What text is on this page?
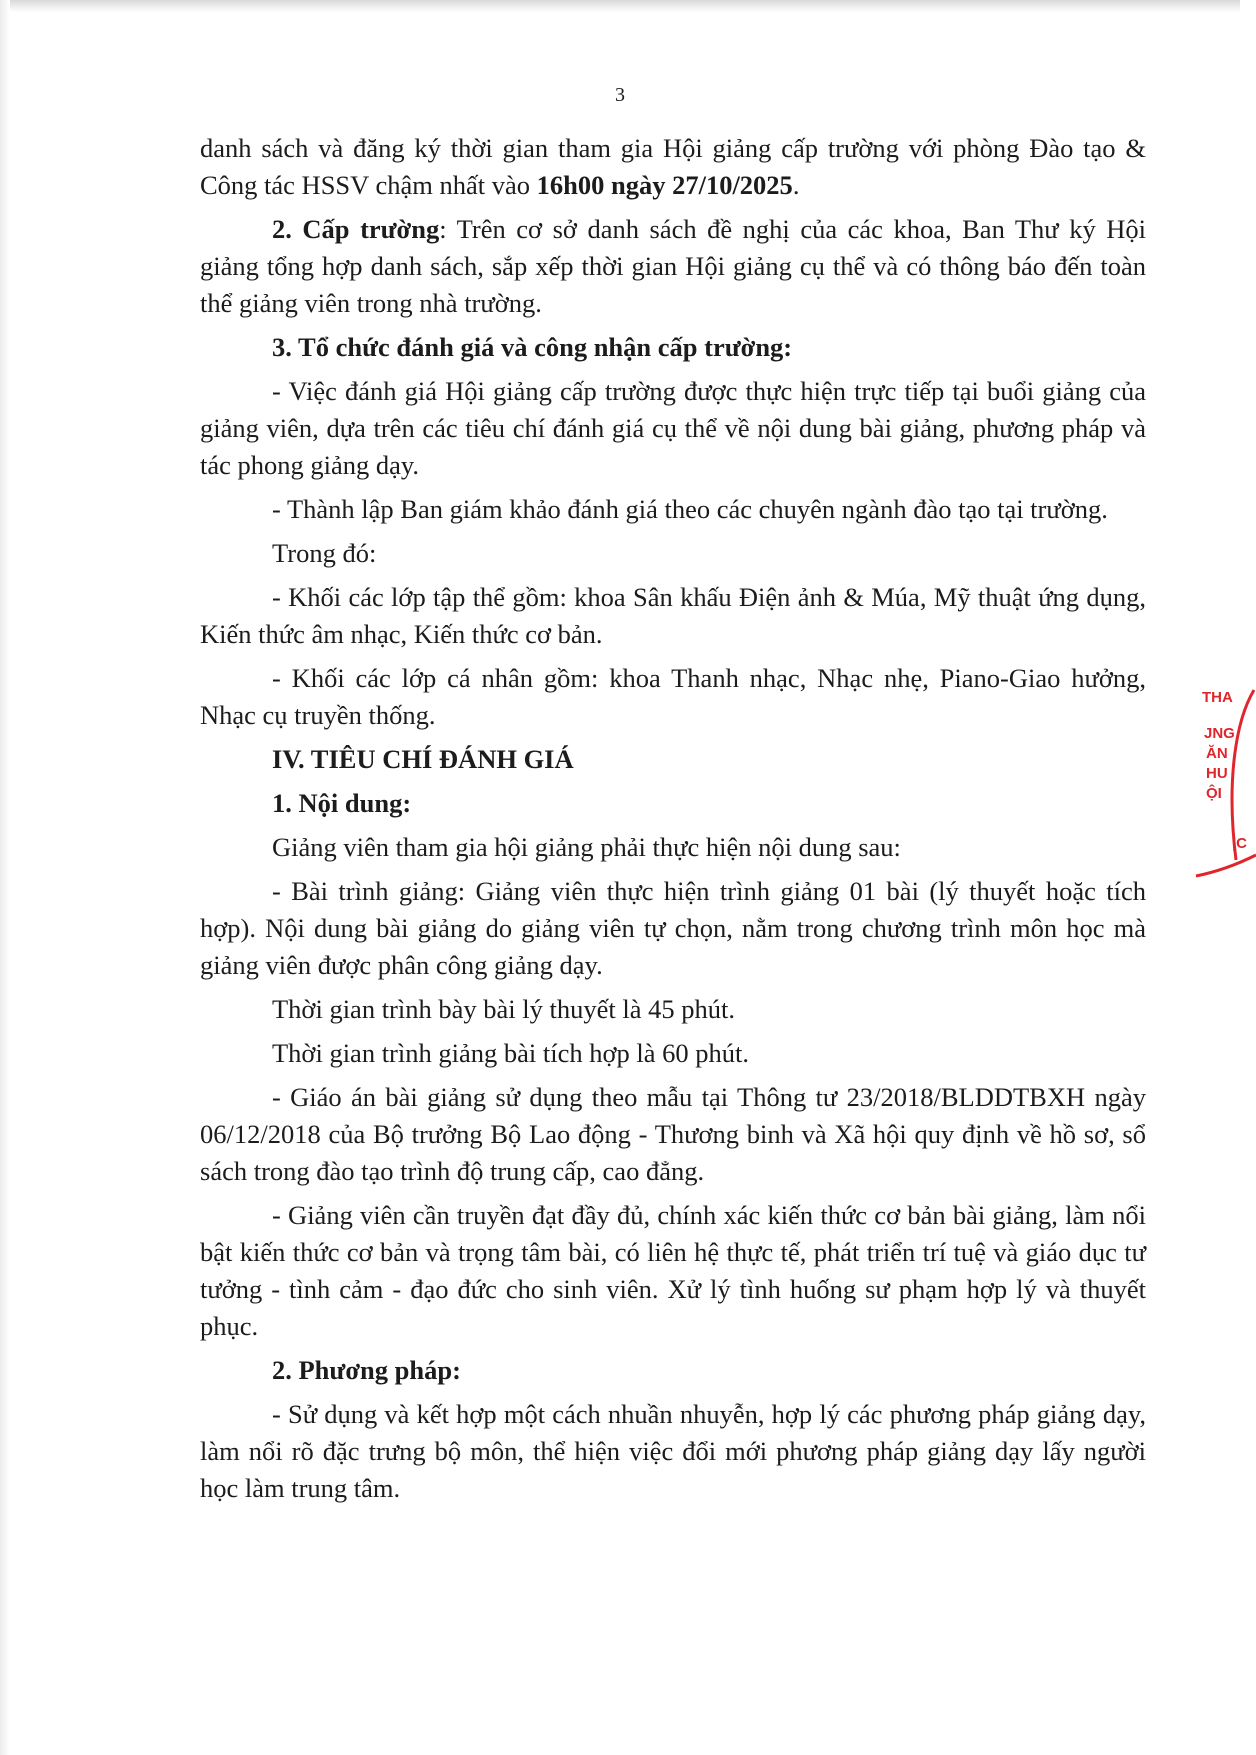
3

danh sách và đăng ký thời gian tham gia Hội giảng cấp trường với phòng Đào tạo & Công tác HSSV chậm nhất vào 16h00 ngày 27/10/2025.

2. Cấp trường: Trên cơ sở danh sách đề nghị của các khoa, Ban Thư ký Hội giảng tổng hợp danh sách, sắp xếp thời gian Hội giảng cụ thể và có thông báo đến toàn thể giảng viên trong nhà trường.

3. Tổ chức đánh giá và công nhận cấp trường:

- Việc đánh giá Hội giảng cấp trường được thực hiện trực tiếp tại buổi giảng của giảng viên, dựa trên các tiêu chí đánh giá cụ thể về nội dung bài giảng, phương pháp và tác phong giảng dạy.

- Thành lập Ban giám khảo đánh giá theo các chuyên ngành đào tạo tại trường.

Trong đó:

- Khối các lớp tập thể gồm: khoa Sân khấu Điện ảnh & Múa, Mỹ thuật ứng dụng, Kiến thức âm nhạc, Kiến thức cơ bản.

- Khối các lớp cá nhân gồm: khoa Thanh nhạc, Nhạc nhẹ, Piano-Giao hưởng, Nhạc cụ truyền thống.

IV. TIÊU CHÍ ĐÁNH GIÁ

1. Nội dung:

Giảng viên tham gia hội giảng phải thực hiện nội dung sau:

- Bài trình giảng: Giảng viên thực hiện trình giảng 01 bài (lý thuyết hoặc tích hợp). Nội dung bài giảng do giảng viên tự chọn, nằm trong chương trình môn học mà giảng viên được phân công giảng dạy.

Thời gian trình bày bài lý thuyết là 45 phút.

Thời gian trình giảng bài tích hợp là 60 phút.

- Giáo án bài giảng sử dụng theo mẫu tại Thông tư 23/2018/BLDDTBXH ngày 06/12/2018 của Bộ trưởng Bộ Lao động - Thương binh và Xã hội quy định về hồ sơ, sổ sách trong đào tạo trình độ trung cấp, cao đẳng.

- Giảng viên cần truyền đạt đầy đủ, chính xác kiến thức cơ bản bài giảng, làm nổi bật kiến thức cơ bản và trọng tâm bài, có liên hệ thực tế, phát triển trí tuệ và giáo dục tư tưởng - tình cảm - đạo đức cho sinh viên. Xử lý tình huống sư phạm hợp lý và thuyết phục.

2. Phương pháp:

- Sử dụng và kết hợp một cách nhuần nhuyễn, hợp lý các phương pháp giảng dạy, làm nổi rõ đặc trưng bộ môn, thể hiện việc đổi mới phương pháp giảng dạy lấy người học làm trung tâm.

THA
JNG
ĂN
HU
ỘI
ỊC
